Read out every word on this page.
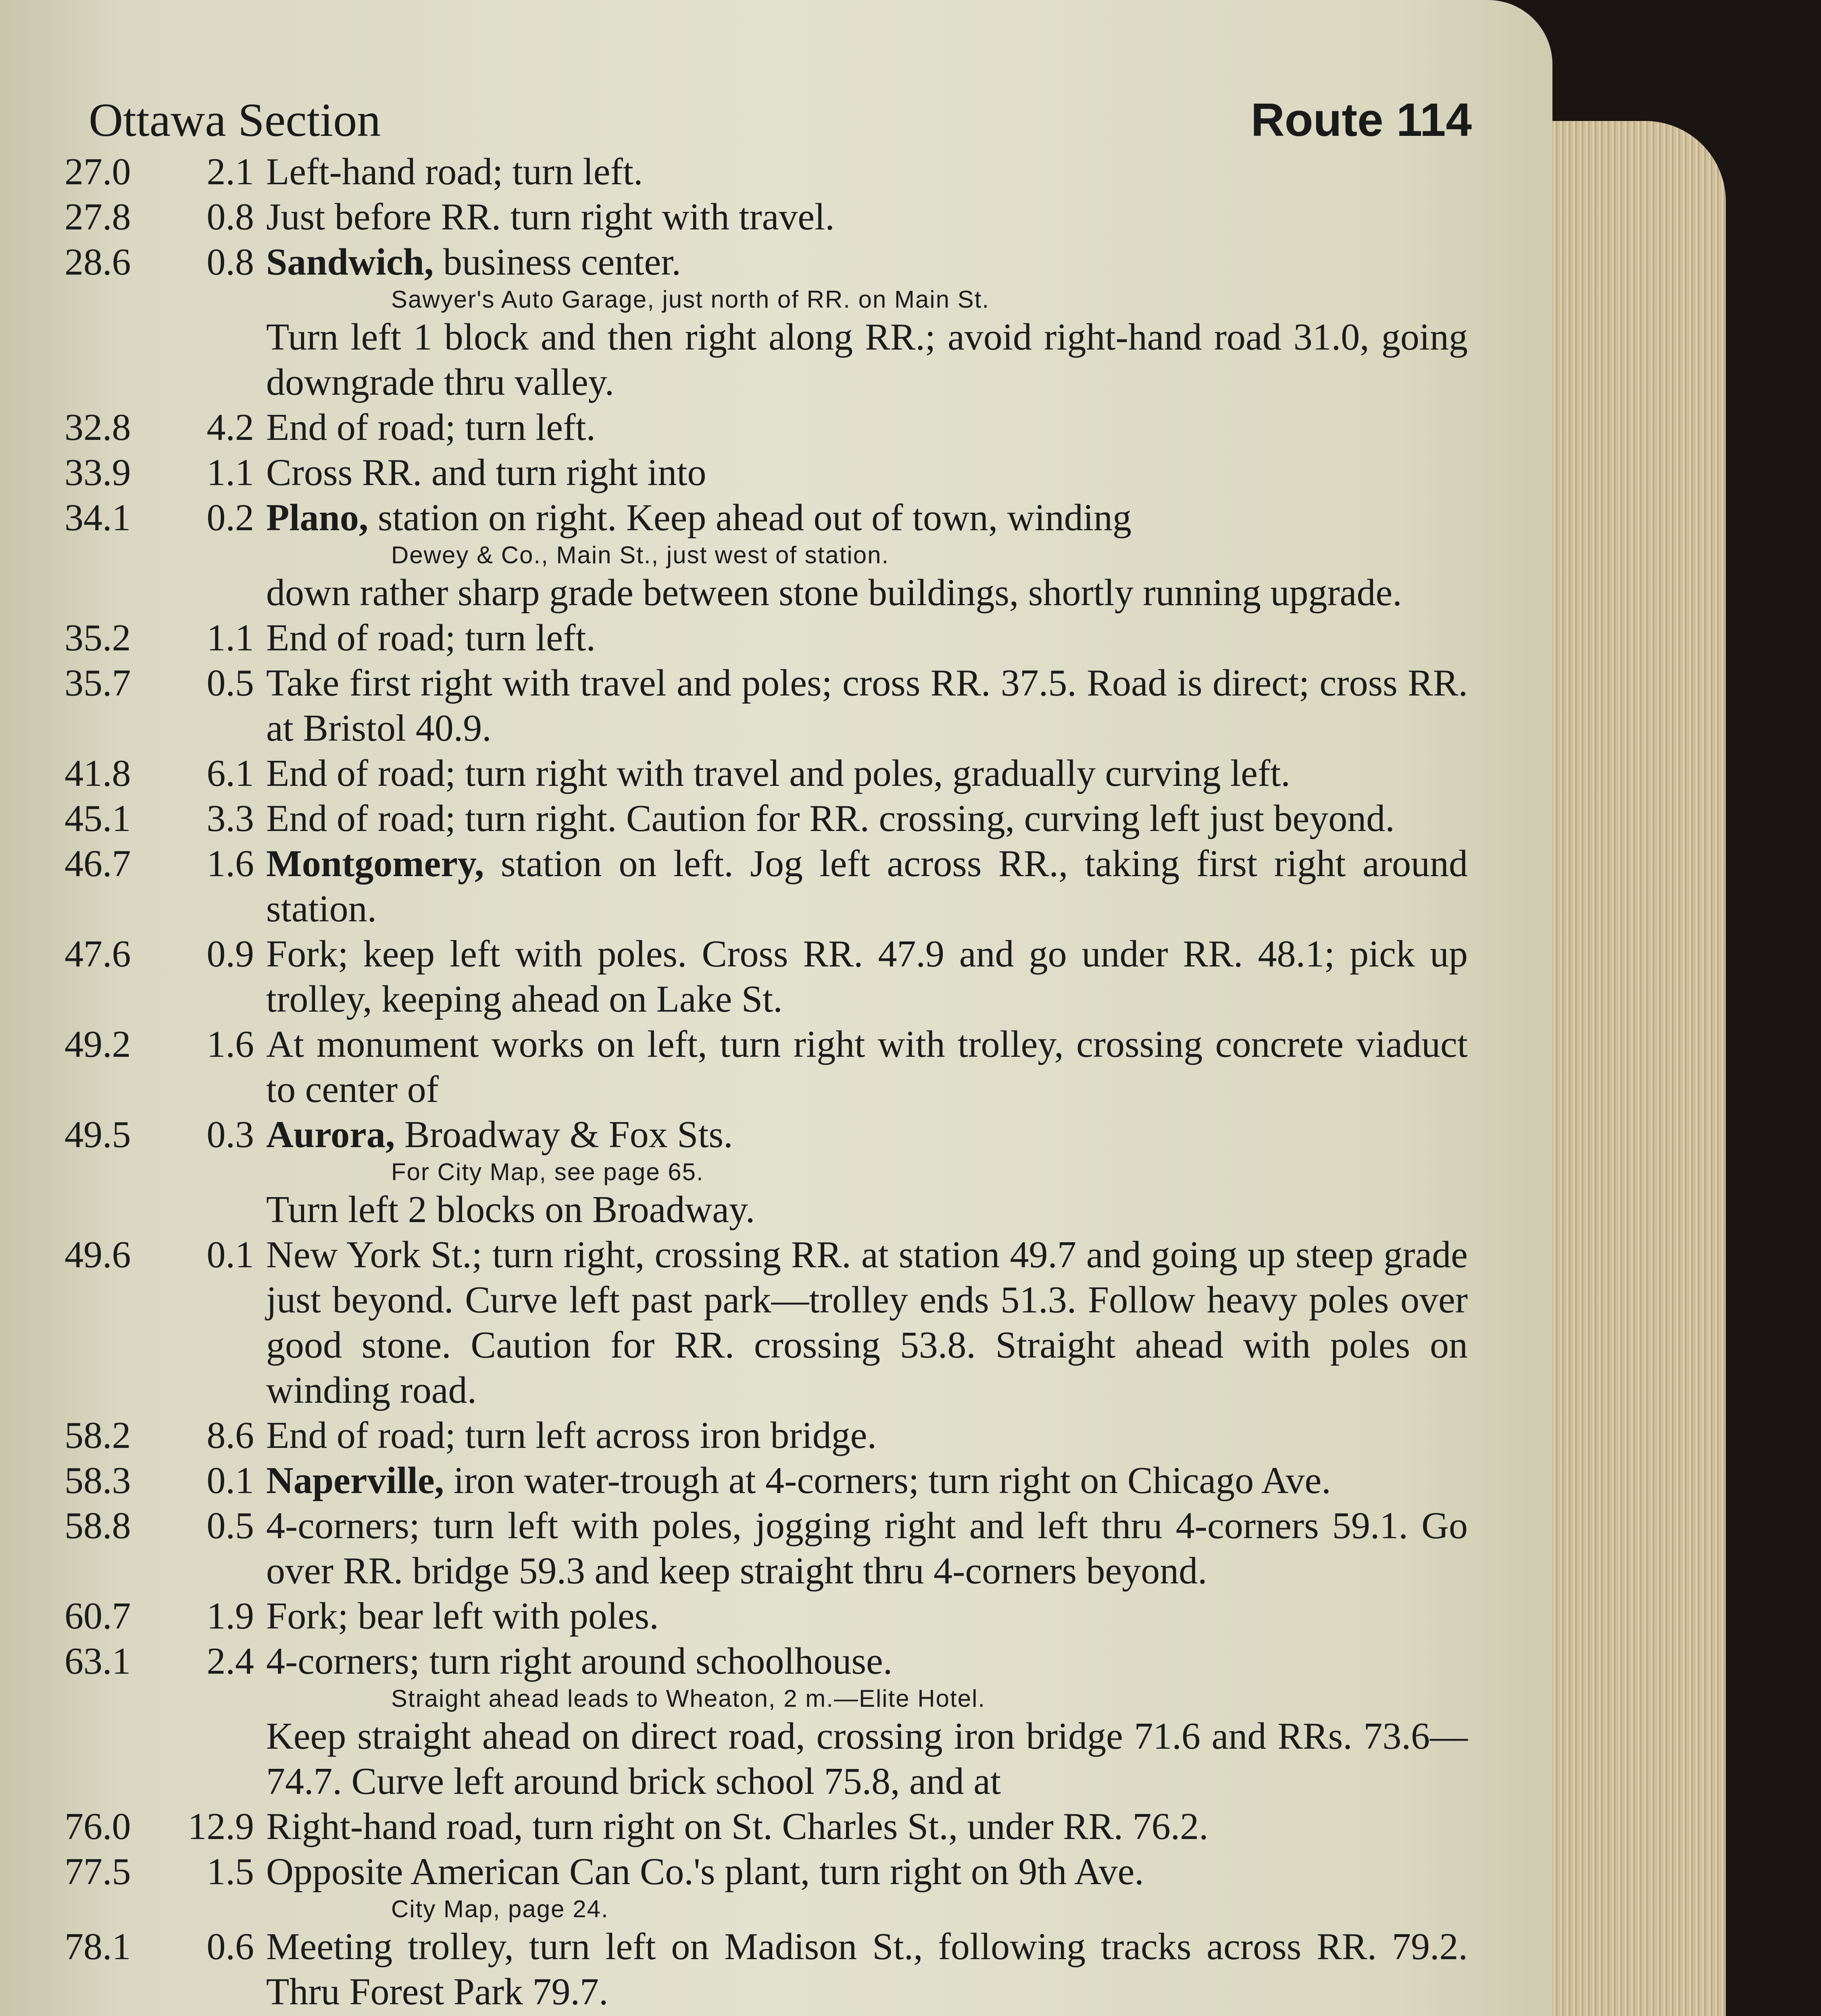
Ottawa Section	Route 114
27.0	2.1 Left-hand road; turn left.
27.8	0.8 Just before RR. turn right with travel.
28.6	0.8 Sandwich, business center.
Sawyer's Auto Garage, just north of RR. on Main St.
Turn left 1 block and then right along RR.; avoid right-hand road 31.0, going downgrade thru valley.
32.8	4.2 End of road; turn left.
33.9	1.1 Cross RR. and turn right into
34.1	0.2 Plano, station on right. Keep ahead out of town, winding
Dewey & Co., Main St., just west of station.
down rather sharp grade between stone buildings, shortly running upgrade.
35.2	1.1 End of road; turn left.
35.7	0.5 Take first right with travel and poles; cross RR. 37.5. Road is direct; cross RR. at Bristol 40.9.
41.8	6.1 End of road; turn right with travel and poles, gradually curving left.
45.1	3.3 End of road; turn right. Caution for RR. crossing, curving left just beyond.
46.7	1.6 Montgomery, station on left. Jog left across RR., taking first right around station.
47.6	0.9 Fork; keep left with poles. Cross RR. 47.9 and go under RR. 48.1; pick up trolley, keeping ahead on Lake St.
49.2	1.6 At monument works on left, turn right with trolley, crossing concrete viaduct to center of
49.5	0.3 Aurora, Broadway & Fox Sts.
For City Map, see page 65.
Turn left 2 blocks on Broadway.
49.6	0.1 New York St.; turn right, crossing RR. at station 49.7 and going up steep grade just beyond. Curve left past park—trolley ends 51.3. Follow heavy poles over good stone. Caution for RR. crossing 53.8. Straight ahead with poles on winding road.
58.2	8.6 End of road; turn left across iron bridge.
58.3	0.1 Naperville, iron water-trough at 4-corners; turn right on Chicago Ave.
58.8	0.5 4-corners; turn left with poles, jogging right and left thru 4-corners 59.1. Go over RR. bridge 59.3 and keep straight thru 4-corners beyond.
60.7	1.9 Fork; bear left with poles.
63.1	2.4 4-corners; turn right around schoolhouse.
Straight ahead leads to Wheaton, 2 m.—Elite Hotel.
Keep straight ahead on direct road, crossing iron bridge 71.6 and RRs. 73.6—74.7. Curve left around brick school 75.8, and at
76.0	12.9 Right-hand road, turn right on St. Charles St., under RR. 76.2.
77.5	1.5 Opposite American Can Co.'s plant, turn right on 9th Ave.
City Map, page 24.
78.1	0.6 Meeting trolley, turn left on Madison St., following tracks across RR. 79.2. Thru Forest Park 79.7.
